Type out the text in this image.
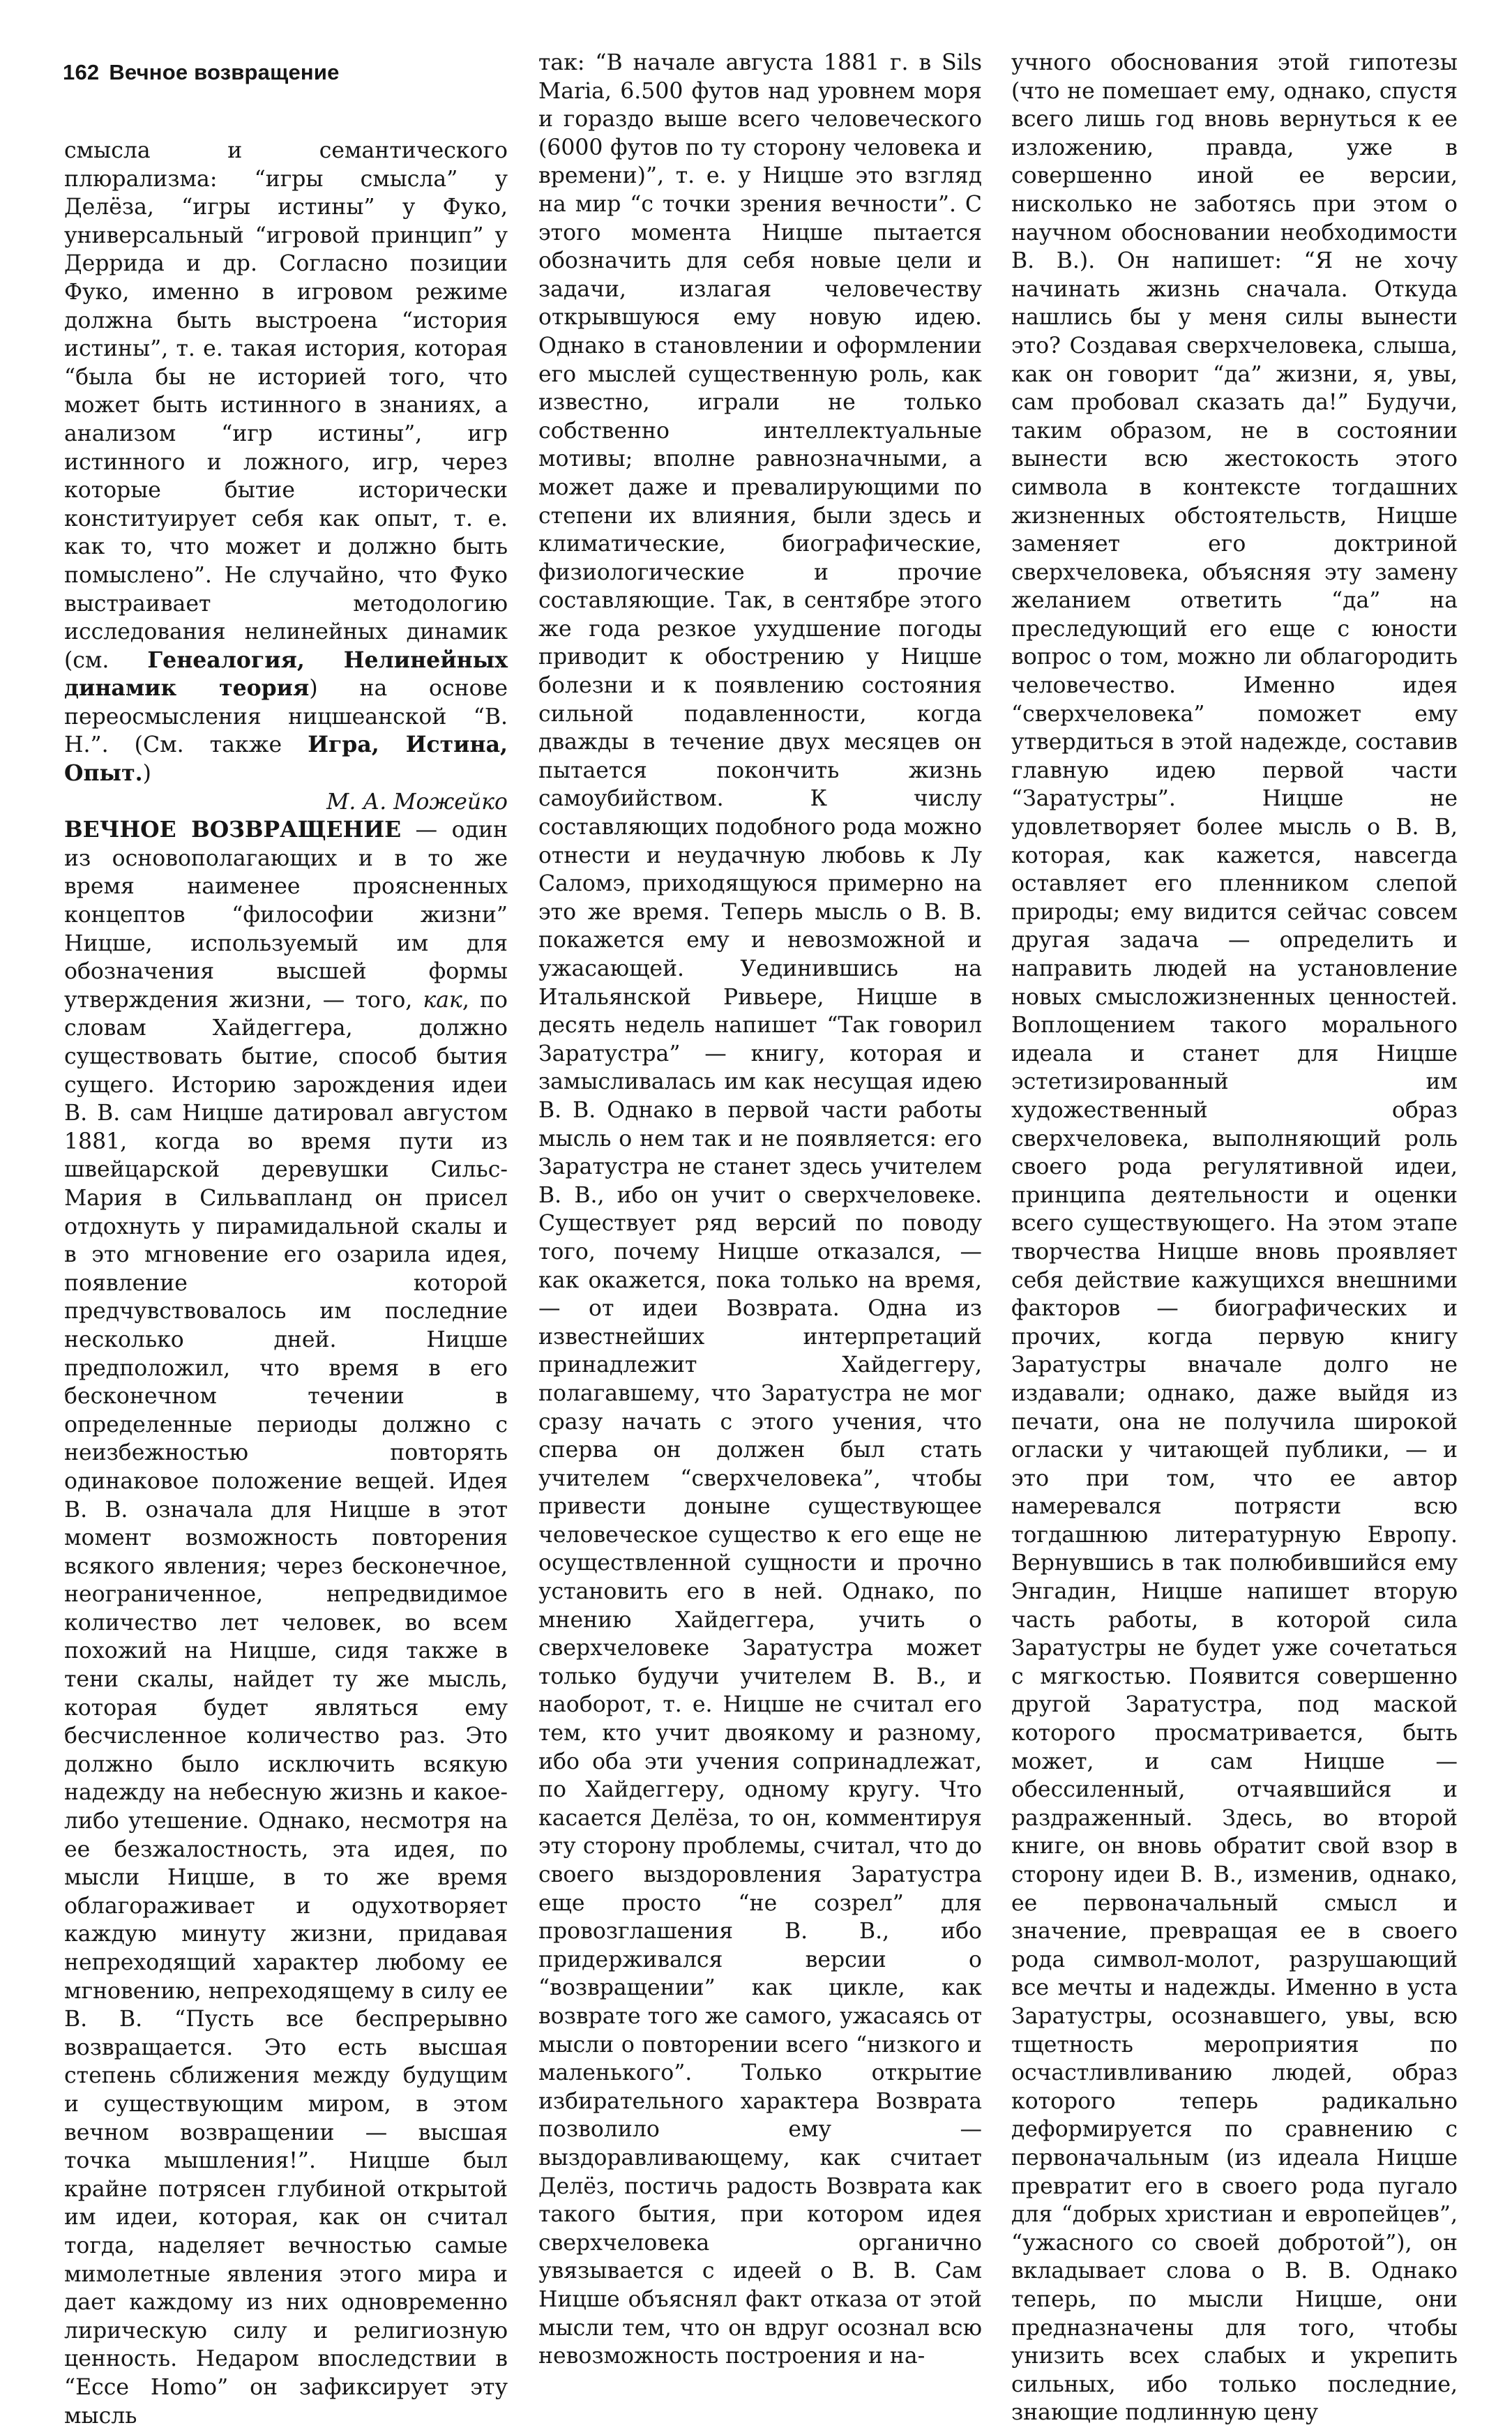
162 Вечное возвращение

смысла и семантического плюрализма: “игры смысла” у Делёза, “игры истины” у Фуко, универсальный “игровой принцип” у Деррида и др. Согласно позиции Фуко, именно в игровом режиме должна быть выстроена “история истины”, т. е. такая история, которая “была бы не историей того, что может быть истинного в знаниях, а анализом “игр истины”, игр истинного и ложного, игр, через которые бытие исторически конституирует себя как опыт, т. е. как то, что может и должно быть помыслено”. Не случайно, что Фуко выстраивает методологию исследования нелинейных динамик (см. Генеалогия, Нелинейных динамик теория) на основе переосмысления ницшеанской “В. Н.”. (См. также Игра, Истина, Опыт.)

М. А. Можейко

ВЕЧНОЕ ВОЗВРАЩЕНИЕ — один из основополагающих и в то же время наименее проясненных концептов “философии жизни” Ницше, используемый им для обозначения высшей формы утверждения жизни, — того, как, по словам Хайдеггера, должно существовать бытие, способ бытия сущего. Историю зарождения идеи В. В. сам Ницше датировал августом 1881, когда во время пути из швейцарской деревушки Сильс-Мария в Сильвапланд он присел отдохнуть у пирамидальной скалы и в это мгновение его озарила идея, появление которой предчувствовалось им последние несколько дней. Ницше предположил, что время в его бесконечном течении в определенные периоды должно с неизбежностью повторять одинаковое положение вещей. Идея В. В. означала для Ницше в этот момент возможность повторения всякого явления; через бесконечное, неограниченное, непредвидимое количество лет человек, во всем похожий на Ницше, сидя также в тени скалы, найдет ту же мысль, которая будет являться ему бесчисленное количество раз. Это должно было исключить всякую надежду на небесную жизнь и какое-либо утешение. Однако, несмотря на ее безжалостность, эта идея, по мысли Ницше, в то же время облагораживает и одухотворяет каждую минуту жизни, придавая непреходящий характер любому ее мгновению, непреходящему в силу ее В. В. “Пусть все беспрерывно возвращается. Это есть высшая степень сближения между будущим и существующим миром, в этом вечном возвращении — высшая точка мышления!”. Ницше был крайне потрясен глубиной открытой им идеи, которая, как он считал тогда, наделяет вечностью самые мимолетные явления этого мира и дает каждому из них одновременно лирическую силу и религиозную ценность. Недаром впоследствии в “Ecce Homo” он зафиксирует эту мысль

так: “В начале августа 1881 г. в Sils Maria, 6.500 футов над уровнем моря и гораздо выше всего человеческого (6000 футов по ту сторону человека и времени)”, т. е. у Ницше это взгляд на мир “с точки зрения вечности”. С этого момента Ницше пытается обозначить для себя новые цели и задачи, излагая человечеству открывшуюся ему новую идею. Однако в становлении и оформлении его мыслей существенную роль, как известно, играли не только собственно интеллектуальные мотивы; вполне равнозначными, а может даже и превалирующими по степени их влияния, были здесь и климатические, биографические, физиологические и прочие составляющие. Так, в сентябре этого же года резкое ухудшение погоды приводит к обострению у Ницше болезни и к появлению состояния сильной подавленности, когда дважды в течение двух месяцев он пытается покончить жизнь самоубийством. К числу составляющих подобного рода можно отнести и неудачную любовь к Лу Саломэ, приходящуюся примерно на это же время. Теперь мысль о В. В. покажется ему и невозможной и ужасающей. Уединившись на Итальянской Ривьере, Ницше в десять недель напишет “Так говорил Заратустра” — книгу, которая и замысливалась им как несущая идею В. В. Однако в первой части работы мысль о нем так и не появляется: его Заратустра не станет здесь учителем В. В., ибо он учит о сверхчеловеке. Существует ряд версий по поводу того, почему Ницше отказался, — как окажется, пока только на время, — от идеи Возврата. Одна из известнейших интерпретаций принадлежит Хайдеггеру, полагавшему, что Заратустра не мог сразу начать с этого учения, что сперва он должен был стать учителем “сверхчеловека”, чтобы привести доныне существующее человеческое существо к его еще не осуществленной сущности и прочно установить его в ней. Однако, по мнению Хайдеггера, учить о сверхчеловеке Заратустра может только будучи учителем В. В., и наоборот, т. е. Ницше не считал его тем, кто учит двоякому и разному, ибо оба эти учения сопринадлежат, по Хайдеггеру, одному кругу. Что касается Делёза, то он, комментируя эту сторону проблемы, считал, что до своего выздоровления Заратустра еще просто “не созрел” для провозглашения В. В., ибо придерживался версии о “возвращении” как цикле, как возврате того же самого, ужасаясь от мысли о повторении всего “низкого и маленького”. Только открытие избирательного характера Возврата позволило ему — выздоравливающему, как считает Делёз, постичь радость Возврата как такого бытия, при котором идея сверхчеловека органично увязывается с идеей о В. В. Сам Ницше объяснял факт отказа от этой мысли тем, что он вдруг осознал всю невозможность построения и на-

учного обоснования этой гипотезы (что не помешает ему, однако, спустя всего лишь год вновь вернуться к ее изложению, правда, уже в совершенно иной ее версии, нисколько не заботясь при этом о научном обосновании необходимости В. В.). Он напишет: “Я не хочу начинать жизнь сначала. Откуда нашлись бы у меня силы вынести это? Создавая сверхчеловека, слыша, как он говорит “да” жизни, я, увы, сам пробовал сказать да!” Будучи, таким образом, не в состоянии вынести всю жестокость этого символа в контексте тогдашних жизненных обстоятельств, Ницше заменяет его доктриной сверхчеловека, объясняя эту замену желанием ответить “да” на преследующий его еще с юности вопрос о том, можно ли облагородить человечество. Именно идея “сверхчеловека” поможет ему утвердиться в этой надежде, составив главную идею первой части “Заратустры”. Ницше не удовлетворяет более мысль о В. В, которая, как кажется, навсегда оставляет его пленником слепой природы; ему видится сейчас совсем другая задача — определить и направить людей на установление новых смысложизненных ценностей. Воплощением такого морального идеала и станет для Ницше эстетизированный им художественный образ сверхчеловека, выполняющий роль своего рода регулятивной идеи, принципа деятельности и оценки всего существующего. На этом этапе творчества Ницше вновь проявляет себя действие кажущихся внешними факторов — биографических и прочих, когда первую книгу Заратустры вначале долго не издавали; однако, даже выйдя из печати, она не получила широкой огласки у читающей публики, — и это при том, что ее автор намеревался потрясти всю тогдашнюю литературную Европу. Вернувшись в так полюбившийся ему Энгадин, Ницше напишет вторую часть работы, в которой сила Заратустры не будет уже сочетаться с мягкостью. Появится совершенно другой Заратустра, под маской которого просматривается, быть может, и сам Ницше — обессиленный, отчаявшийся и раздраженный. Здесь, во второй книге, он вновь обратит свой взор в сторону идеи В. В., изменив, однако, ее первоначальный смысл и значение, превращая ее в своего рода символ-молот, разрушающий все мечты и надежды. Именно в уста Заратустры, осознавшего, увы, всю тщетность мероприятия по осчастливливанию людей, образ которого теперь радикально деформируется по сравнению с первоначальным (из идеала Ницше превратит его в своего рода пугало для “добрых христиан и европейцев”, “ужасного со своей добротой”), он вкладывает слова о В. В. Однако теперь, по мысли Ницше, они предназначены для того, чтобы унизить всех слабых и укрепить сильных, ибо только последние, знающие подлинную цену
